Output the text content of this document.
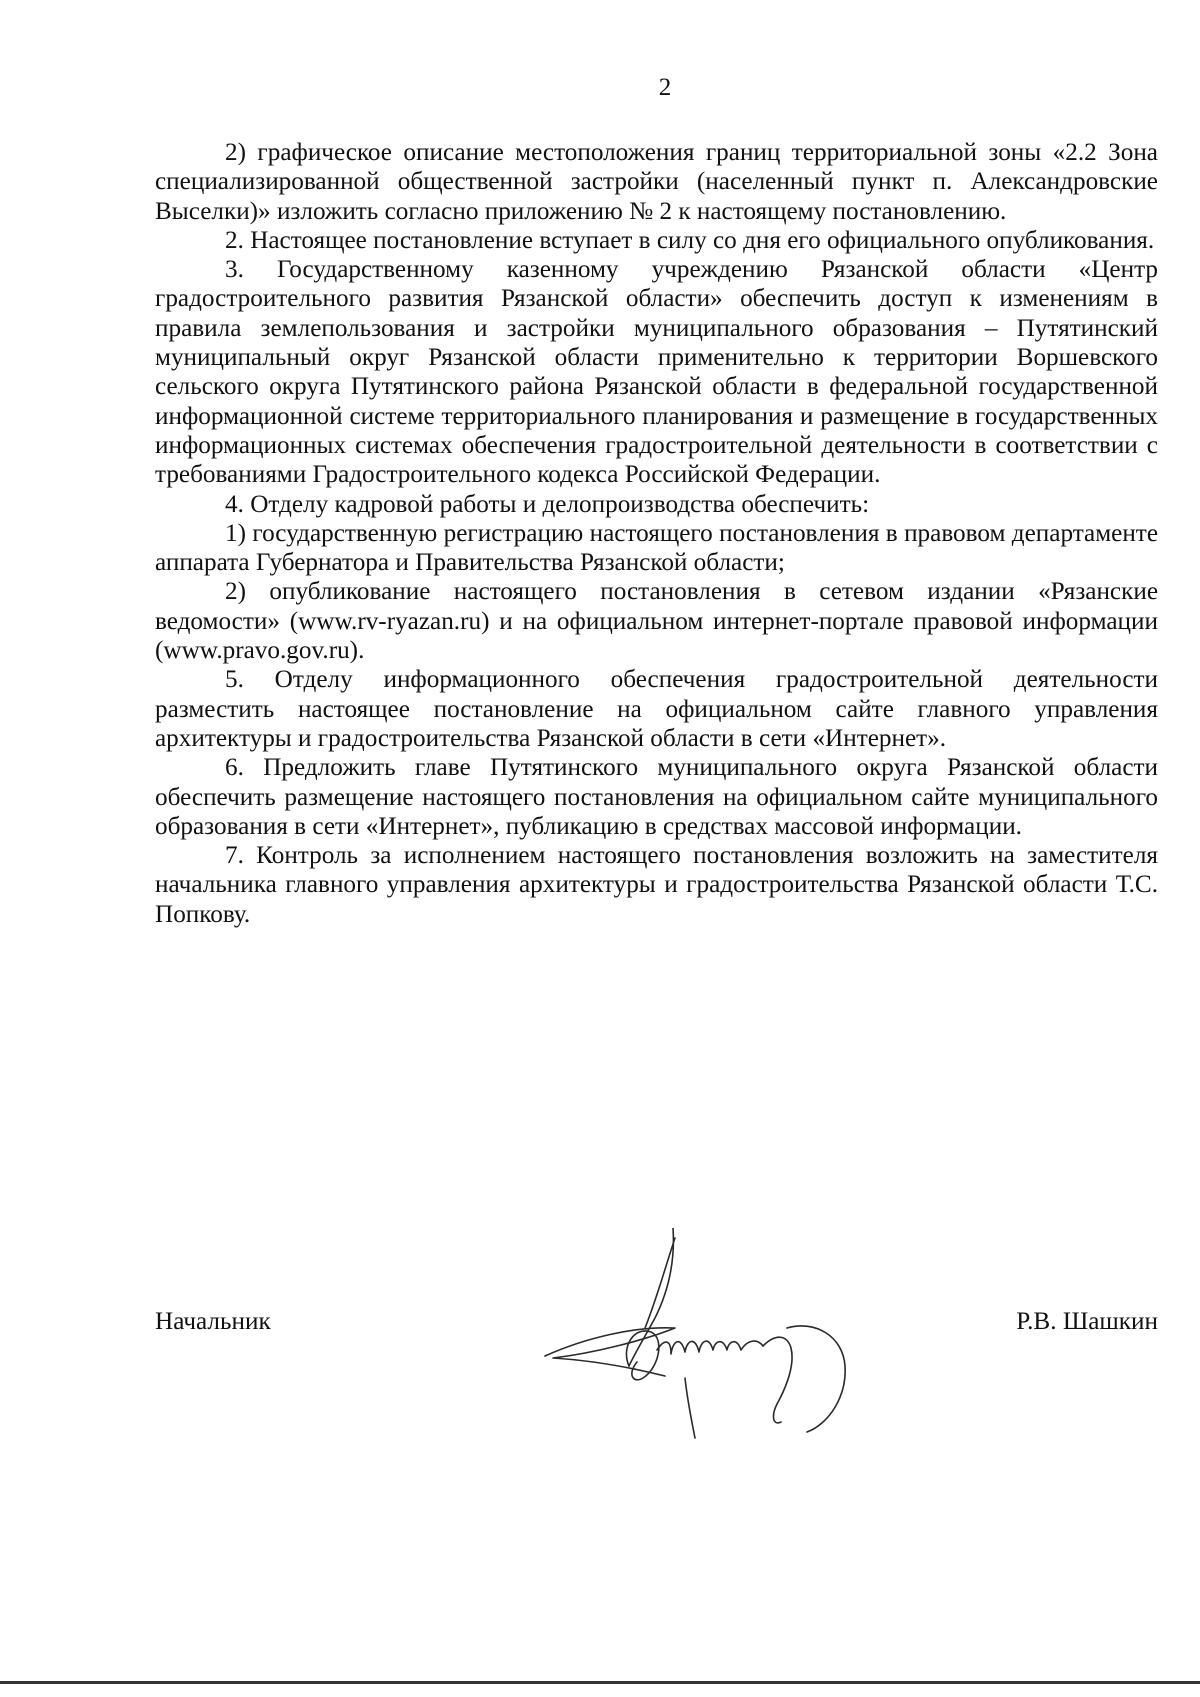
2

2) графическое описание местоположения границ территориальной зоны «2.2 Зона специализированной общественной застройки (населенный пункт п. Александровские Выселки)» изложить согласно приложению № 2 к настоящему постановлению.

2. Настоящее постановление вступает в силу со дня его официального опубликования.

3. Государственному казенному учреждению Рязанской области «Центр градостроительного развития Рязанской области» обеспечить доступ к изменениям в правила землепользования и застройки муниципального образования – Путятинский муниципальный округ Рязанской области применительно к территории Воршевского сельского округа Путятинского района Рязанской области в федеральной государственной информационной системе территориального планирования и размещение в государственных информационных системах обеспечения градостроительной деятельности в соответствии с требованиями Градостроительного кодекса Российской Федерации.

4. Отделу кадровой работы и делопроизводства обеспечить:

1) государственную регистрацию настоящего постановления в правовом департаменте аппарата Губернатора и Правительства Рязанской области;

2) опубликование настоящего постановления в сетевом издании «Рязанские ведомости» (www.rv-ryazan.ru) и на официальном интернет-портале правовой информации (www.pravo.gov.ru).

5. Отделу информационного обеспечения градостроительной деятельности разместить настоящее постановление на официальном сайте главного управления архитектуры и градостроительства Рязанской области в сети «Интернет».

6. Предложить главе Путятинского муниципального округа Рязанской области обеспечить размещение настоящего постановления на официальном сайте муниципального образования в сети «Интернет», публикацию в средствах массовой информации.

7. Контроль за исполнением настоящего постановления возложить на заместителя начальника главного управления архитектуры и градостроительства Рязанской области Т.С. Попкову.

Начальник	Р.В. Шашкин
